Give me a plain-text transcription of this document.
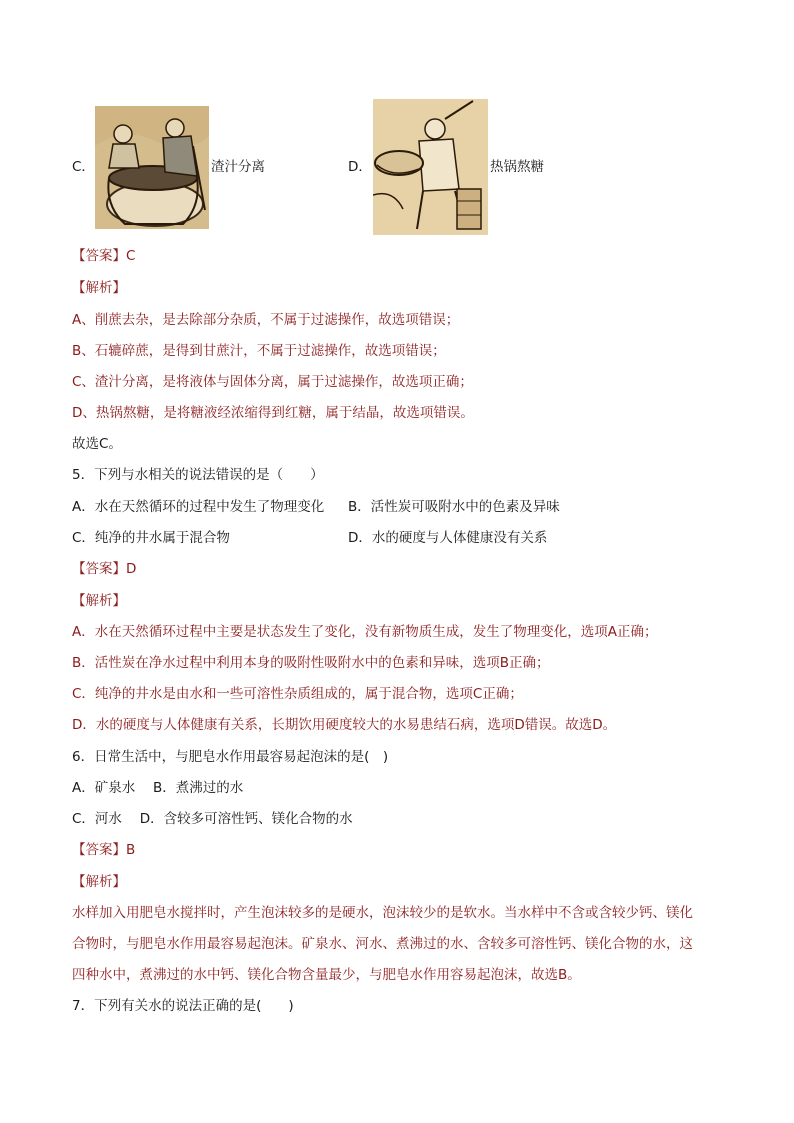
C．	渣汁分离	D．	热锅熬糖
【答案】C
【解析】
A、削蔗去杂，是去除部分杂质，不属于过滤操作，故选项错误；
B、石辘碎蔗，是得到甘蔗汁，不属于过滤操作，故选项错误；
C、渣汁分离，是将液体与固体分离，属于过滤操作，故选项正确；
D、热锅熬糖，是将糖液经浓缩得到红糖，属于结晶，故选项错误。
故选C。
5．下列与水相关的说法错误的是（　　）
A．水在天然循环的过程中发生了物理变化 B．活性炭可吸附水中的色素及异味
C．纯净的井水属于混合物	D．水的硬度与人体健康没有关系
【答案】D
【解析】
A．水在天然循环过程中主要是状态发生了变化，没有新物质生成，发生了物理变化，选项A正确；
B．活性炭在净水过程中利用本身的吸附性吸附水中的色素和异味，选项B正确；
C．纯净的井水是由水和一些可溶性杂质组成的，属于混合物，选项C正确；
D．水的硬度与人体健康有关系，长期饮用硬度较大的水易患结石病，选项D错误。故选D。
6．日常生活中，与肥皂水作用最容易起泡沫的是(　)
A．矿泉水　 B．煮沸过的水
C．河水　 D．含较多可溶性钙、镁化合物的水
【答案】B
【解析】
水样加入用肥皂水搅拌时，产生泡沫较多的是硬水，泡沫较少的是软水。当水样中不含或含较少钙、镁化
合物时，与肥皂水作用最容易起泡沫。矿泉水、河水、煮沸过的水、含较多可溶性钙、镁化合物的水，这
四种水中，煮沸过的水中钙、镁化合物含量最少，与肥皂水作用容易起泡沫，故选B。
7．下列有关水的说法正确的是(　　)
